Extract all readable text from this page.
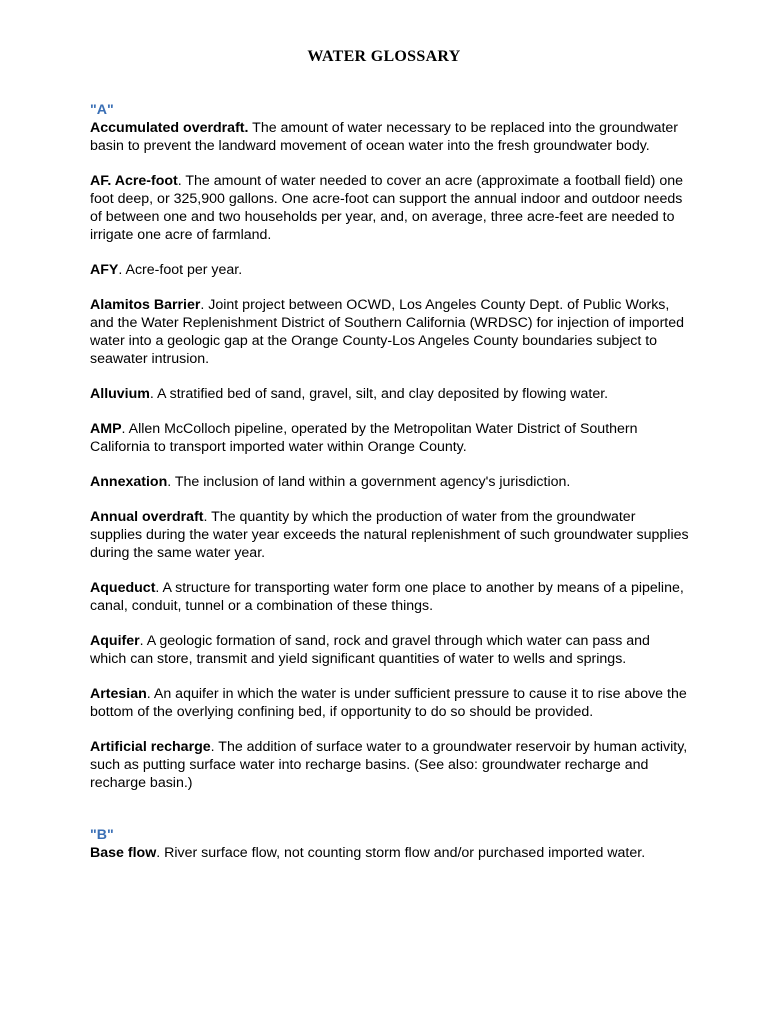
WATER GLOSSARY
"A"

Accumulated overdraft. The amount of water necessary to be replaced into the groundwater basin to prevent the landward movement of ocean water into the fresh groundwater body.

AF. Acre-foot. The amount of water needed to cover an acre (approximate a football field) one foot deep, or 325,900 gallons. One acre-foot can support the annual indoor and outdoor needs of between one and two households per year, and, on average, three acre-feet are needed to irrigate one acre of farmland.

AFY. Acre-foot per year.

Alamitos Barrier. Joint project between OCWD, Los Angeles County Dept. of Public Works, and the Water Replenishment District of Southern California (WRDSC) for injection of imported water into a geologic gap at the Orange County-Los Angeles County boundaries subject to seawater intrusion.

Alluvium. A stratified bed of sand, gravel, silt, and clay deposited by flowing water.

AMP. Allen McColloch pipeline, operated by the Metropolitan Water District of Southern California to transport imported water within Orange County.

Annexation. The inclusion of land within a government agency's jurisdiction.

Annual overdraft. The quantity by which the production of water from the groundwater supplies during the water year exceeds the natural replenishment of such groundwater supplies during the same water year.

Aqueduct. A structure for transporting water form one place to another by means of a pipeline, canal, conduit, tunnel or a combination of these things.

Aquifer. A geologic formation of sand, rock and gravel through which water can pass and which can store, transmit and yield significant quantities of water to wells and springs.

Artesian. An aquifer in which the water is under sufficient pressure to cause it to rise above the bottom of the overlying confining bed, if opportunity to do so should be provided.

Artificial recharge. The addition of surface water to a groundwater reservoir by human activity, such as putting surface water into recharge basins. (See also: groundwater recharge and recharge basin.)

"B"

Base flow. River surface flow, not counting storm flow and/or purchased imported water.
